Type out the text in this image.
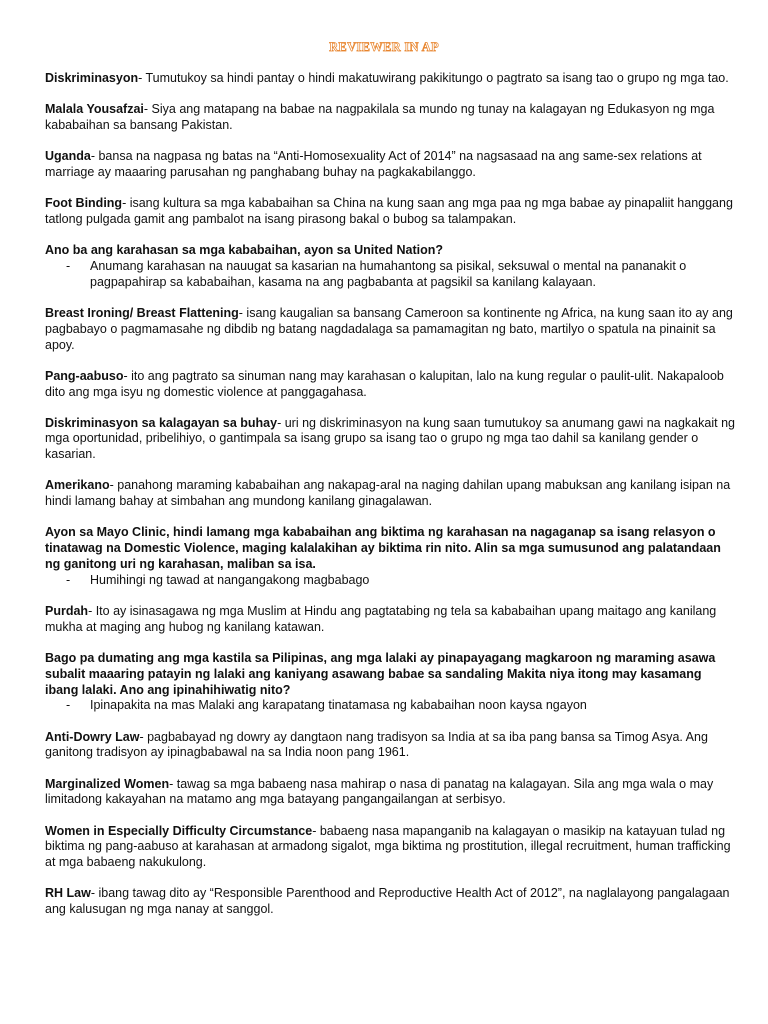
REVIEWER IN AP

Diskriminasyon- Tumutukoy sa hindi pantay o hindi makatuwirang pakikitungo o pagtrato sa isang tao o grupo ng mga tao.

Malala Yousafzai- Siya ang matapang na babae na nagpakilala sa mundo ng tunay na kalagayan ng Edukasyon ng mga kababaihan sa bansang Pakistan.

Uganda- bansa na nagpasa ng batas na “Anti-Homosexuality Act of 2014” na nagsasaad na ang same-sex relations at marriage ay maaaring parusahan ng panghabang buhay na pagkakabilanggo.

Foot Binding- isang kultura sa mga kababaihan sa China na kung saan ang mga paa ng mga babae ay pinapaliit hanggang tatlong pulgada gamit ang pambalot na isang pirasong bakal o bubog sa talampakan.

Ano ba ang karahasan sa mga kababaihan, ayon sa United Nation?
- Anumang karahasan na nauugat sa kasarian na humahantong sa pisikal, seksuwal o mental na pananakit o pagpapahirap sa kababaihan, kasama na ang pagbabanta at pagsikil sa kanilang kalayaan.

Breast Ironing/ Breast Flattening- isang kaugalian sa bansang Cameroon sa kontinente ng Africa, na kung saan ito ay ang pagbabayo o pagmamasahe ng dibdib ng batang nagdadalaga sa pamamagitan ng bato, martilyo o spatula na pinainit sa apoy.

Pang-aabuso- ito ang pagtrato sa sinuman nang may karahasan o kalupitan, lalo na kung regular o paulit-ulit. Nakapaloob dito ang mga isyu ng domestic violence at panggagahasa.

Diskriminasyon sa kalagayan sa buhay- uri ng diskriminasyon na kung saan tumutukoy sa anumang gawi na nagkakait ng mga oportunidad, pribelihiyo, o gantimpala sa isang grupo sa isang tao o grupo ng mga tao dahil sa kanilang gender o kasarian.

Amerikano- panahong maraming kababaihan ang nakapag-aral na naging dahilan upang mabuksan ang kanilang isipan na hindi lamang bahay at simbahan ang mundong kanilang ginagalawan.

Ayon sa Mayo Clinic, hindi lamang mga kababaihan ang biktima ng karahasan na nagaganap sa isang relasyon o tinatawag na Domestic Violence, maging kalalakihan ay biktima rin nito. Alin sa mga sumusunod ang palatandaan ng ganitong uri ng karahasan, maliban sa isa.
- Humihingi ng tawad at nangangakong magbabago

Purdah- Ito ay isinasagawa ng mga Muslim at Hindu ang pagtatabing ng tela sa kababaihan upang maitago ang kanilang mukha at maging ang hubog ng kanilang katawan.

Bago pa dumating ang mga kastila sa Pilipinas, ang mga lalaki ay pinapayagang magkaroon ng maraming asawa subalit maaaring patayin ng lalaki ang kaniyang asawang babae sa sandaling Makita niya itong may kasamang ibang lalaki. Ano ang ipinahihiwatig nito?
- Ipinapakita na mas Malaki ang karapatang tinatamasa ng kababaihan noon kaysa ngayon

Anti-Dowry Law- pagbabayad ng dowry ay dangtaon nang tradisyon sa India at sa iba pang bansa sa Timog Asya. Ang ganitong tradisyon ay ipinagbabawal na sa India noon pang 1961.

Marginalized Women- tawag sa mga babaeng nasa mahirap o nasa di panatag na kalagayan. Sila ang mga wala o may limitadong kakayahan na matamo ang mga batayang pangangailangan at serbisyo.

Women in Especially Difficulty Circumstance- babaeng nasa mapanganib na kalagayan o masikip na katayuan tulad ng biktima ng pang-aabuso at karahasan at armadong sigalot, mga biktima ng prostitution, illegal recruitment, human trafficking at mga babaeng nakukulong.

RH Law- ibang tawag dito ay “Responsible Parenthood and Reproductive Health Act of 2012”, na naglalayong pangalagaan ang kalusugan ng mga nanay at sanggol.
